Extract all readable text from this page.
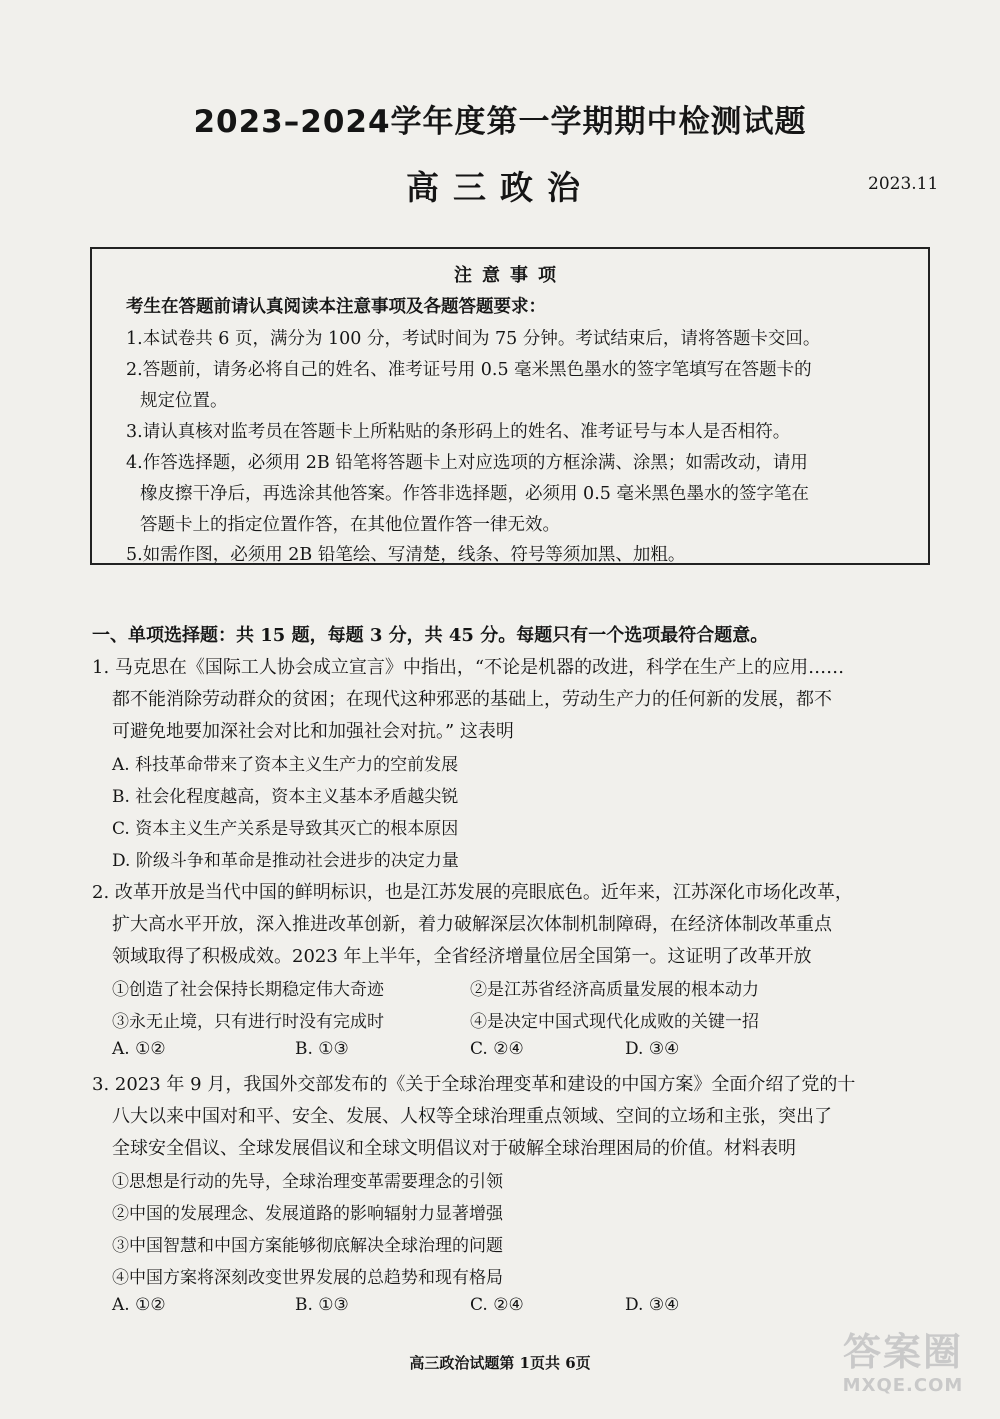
2023–2024学年度第一学期期中检测试题
高三政治	2023.11
注意事项
考生在答题前请认真阅读本注意事项及各题答题要求：
1.本试卷共 6 页，满分为 100 分，考试时间为 75 分钟。考试结束后，请将答题卡交回。
2.答题前，请务必将自己的姓名、准考证号用 0.5 毫米黑色墨水的签字笔填写在答题卡的
规定位置。
3.请认真核对监考员在答题卡上所粘贴的条形码上的姓名、准考证号与本人是否相符。
4.作答选择题，必须用 2B 铅笔将答题卡上对应选项的方框涂满、涂黑；如需改动，请用
橡皮擦干净后，再选涂其他答案。作答非选择题，必须用 0.5 毫米黑色墨水的签字笔在
答题卡上的指定位置作答，在其他位置作答一律无效。
5.如需作图，必须用 2B 铅笔绘、写清楚，线条、符号等须加黑、加粗。
一、单项选择题：共 15 题，每题 3 分，共 45 分。每题只有一个选项最符合题意。
1. 马克思在《国际工人协会成立宣言》中指出，“不论是机器的改进，科学在生产上的应用……
都不能消除劳动群众的贫困；在现代这种邪恶的基础上，劳动生产力的任何新的发展，都不
可避免地要加深社会对比和加强社会对抗。” 这表明
A. 科技革命带来了资本主义生产力的空前发展
B. 社会化程度越高，资本主义基本矛盾越尖锐
C. 资本主义生产关系是导致其灭亡的根本原因
D. 阶级斗争和革命是推动社会进步的决定力量
2. 改革开放是当代中国的鲜明标识，也是江苏发展的亮眼底色。近年来，江苏深化市场化改革，
扩大高水平开放，深入推进改革创新，着力破解深层次体制机制障碍，在经济体制改革重点
领域取得了积极成效。2023 年上半年，全省经济增量位居全国第一。这证明了改革开放
①创造了社会保持长期稳定伟大奇迹	②是江苏省经济高质量发展的根本动力
③永无止境，只有进行时没有完成时	④是决定中国式现代化成败的关键一招
A. ①②	B. ①③	C. ②④	D. ③④
3. 2023 年 9 月，我国外交部发布的《关于全球治理变革和建设的中国方案》全面介绍了党的十
八大以来中国对和平、安全、发展、人权等全球治理重点领域、空间的立场和主张，突出了
全球安全倡议、全球发展倡议和全球文明倡议对于破解全球治理困局的价值。材料表明
①思想是行动的先导，全球治理变革需要理念的引领
②中国的发展理念、发展道路的影响辐射力显著增强
③中国智慧和中国方案能够彻底解决全球治理的问题
④中国方案将深刻改变世界发展的总趋势和现有格局
A. ①②	B. ①③	C. ②④	D. ③④
高三政治试题第 1页共 6页	答案圈
MXQE.COM
